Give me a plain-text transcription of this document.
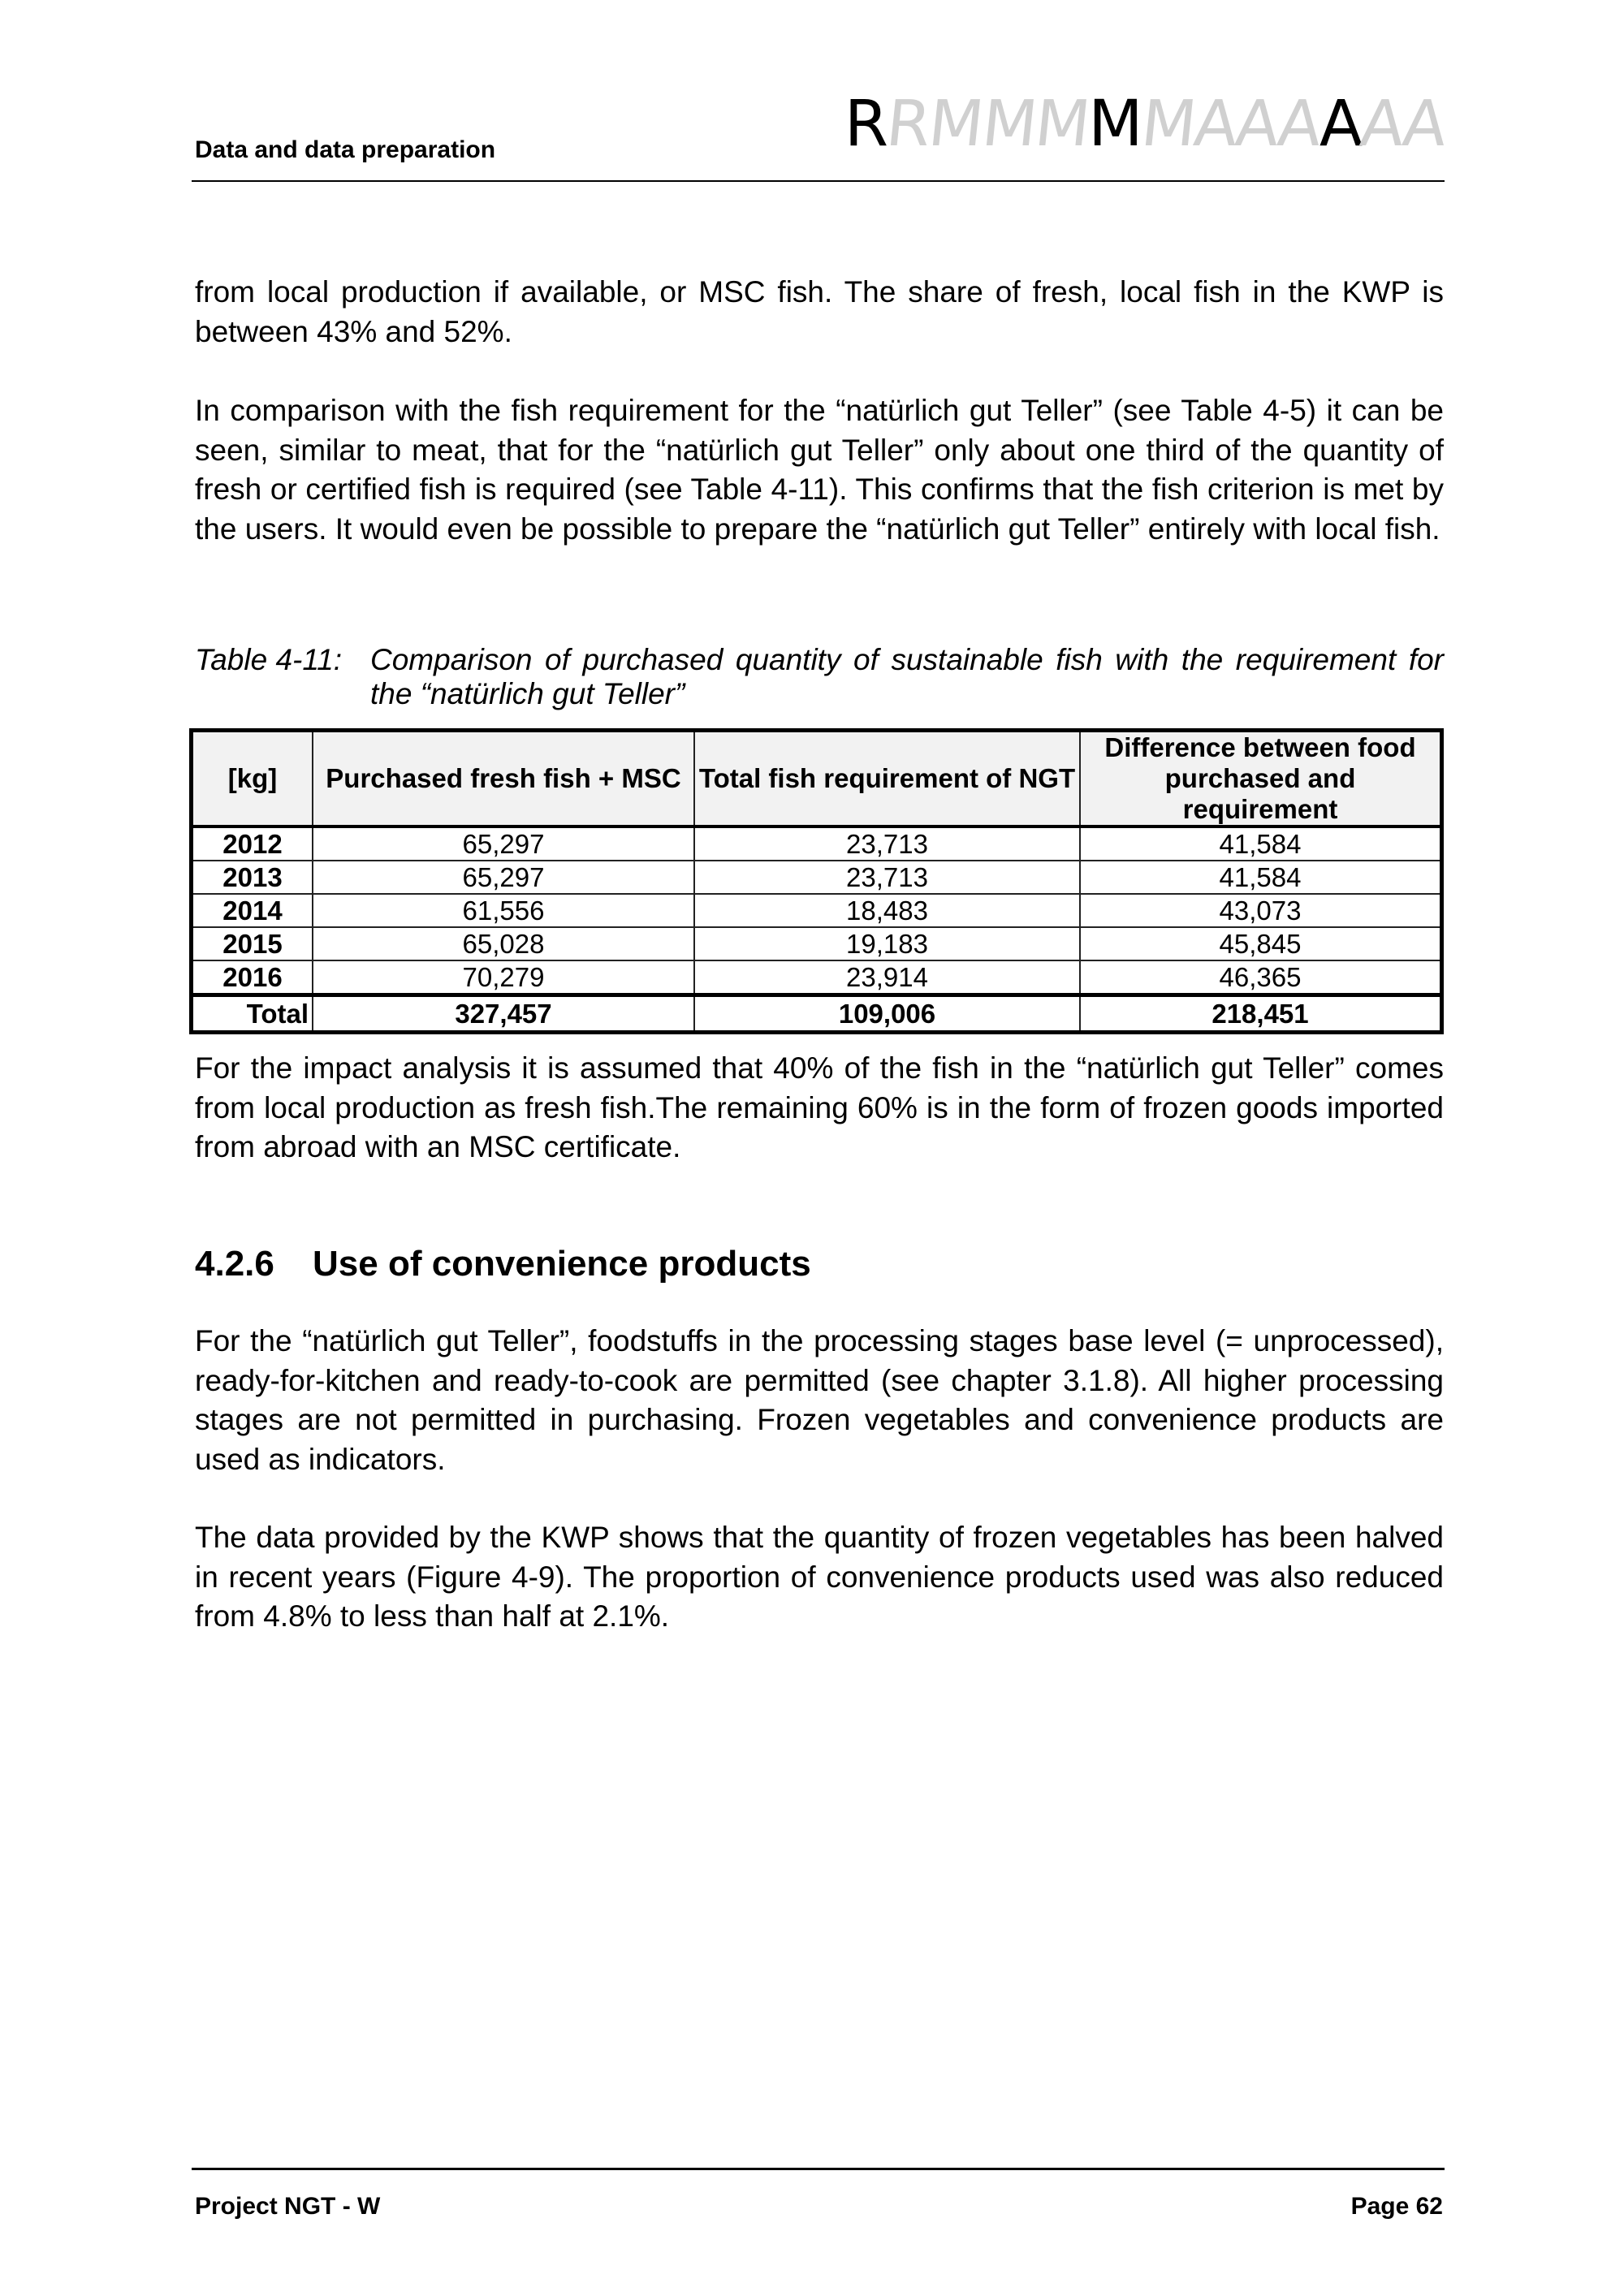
Data and data preparation	RRMMMMMAAAAAA

from local production if available, or MSC fish. The share of fresh, local fish in the KWP is between 43% and 52%.

In comparison with the fish requirement for the “natürlich gut Teller” (see Table 4-5) it can be seen, similar to meat, that for the “natürlich gut Teller” only about one third of the quantity of fresh or certified fish is required (see Table 4-11). This confirms that the fish criterion is met by the users. It would even be possible to prepare the “natürlich gut Teller” entirely with local fish.

Table 4-11: Comparison of purchased quantity of sustainable fish with the requirement for the “natürlich gut Teller”
[kg]	Purchased fresh fish + MSC	Total fish requirement of NGT	Difference between food purchased and requirement
2012	65,297	23,713	41,584
2013	65,297	23,713	41,584
2014	61,556	18,483	43,073
2015	65,028	19,183	45,845
2016	70,279	23,914	46,365
Total	327,457	109,006	218,451

For the impact analysis it is assumed that 40% of the fish in the “natürlich gut Teller” comes from local production as fresh fish.The remaining 60% is in the form of frozen goods imported from abroad with an MSC certificate.

4.2.6 Use of convenience products

For the “natürlich gut Teller”, foodstuffs in the processing stages base level (= unprocessed), ready-for-kitchen and ready-to-cook are permitted (see chapter 3.1.8). All higher processing stages are not permitted in purchasing. Frozen vegetables and convenience products are used as indicators.

The data provided by the KWP shows that the quantity of frozen vegetables has been halved in recent years (Figure 4-9). The proportion of convenience products used was also reduced from 4.8% to less than half at 2.1%.

Project NGT - W	Page 62
